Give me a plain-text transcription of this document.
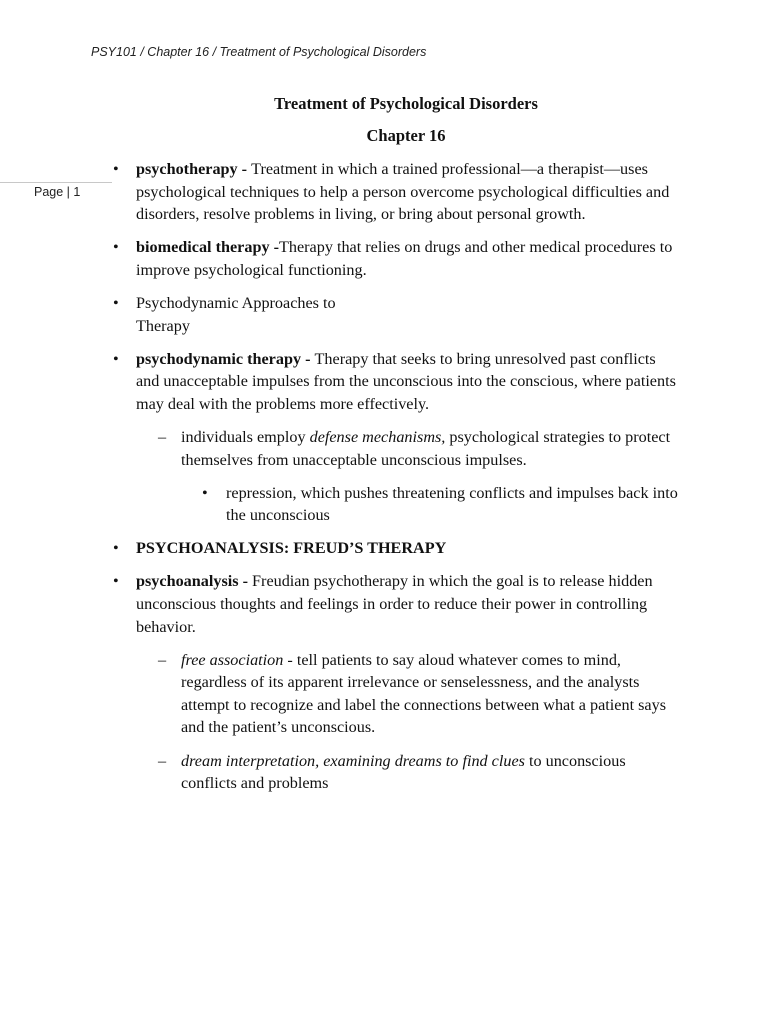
PSY101 / Chapter 16 / Treatment of Psychological Disorders
Page | 1
Treatment of Psychological Disorders
Chapter 16
• psychotherapy - Treatment in which a trained professional—a therapist—uses psychological techniques to help a person overcome psychological difficulties and disorders, resolve problems in living, or bring about personal growth.
• biomedical therapy -Therapy that relies on drugs and other medical procedures to improve psychological functioning.
• Psychodynamic Approaches to Therapy
• psychodynamic therapy - Therapy that seeks to bring unresolved past conflicts and unacceptable impulses from the unconscious into the conscious, where patients may deal with the problems more effectively.
– individuals employ defense mechanisms, psychological strategies to protect themselves from unacceptable unconscious impulses.
• repression, which pushes threatening conflicts and impulses back into the unconscious
• PSYCHOANALYSIS: FREUD’S THERAPY
• psychoanalysis - Freudian psychotherapy in which the goal is to release hidden unconscious thoughts and feelings in order to reduce their power in controlling behavior.
– free association - tell patients to say aloud whatever comes to mind, regardless of its apparent irrelevance or senselessness, and the analysts attempt to recognize and label the connections between what a patient says and the patient’s unconscious.
– dream interpretation, examining dreams to find clues to unconscious conflicts and problems
